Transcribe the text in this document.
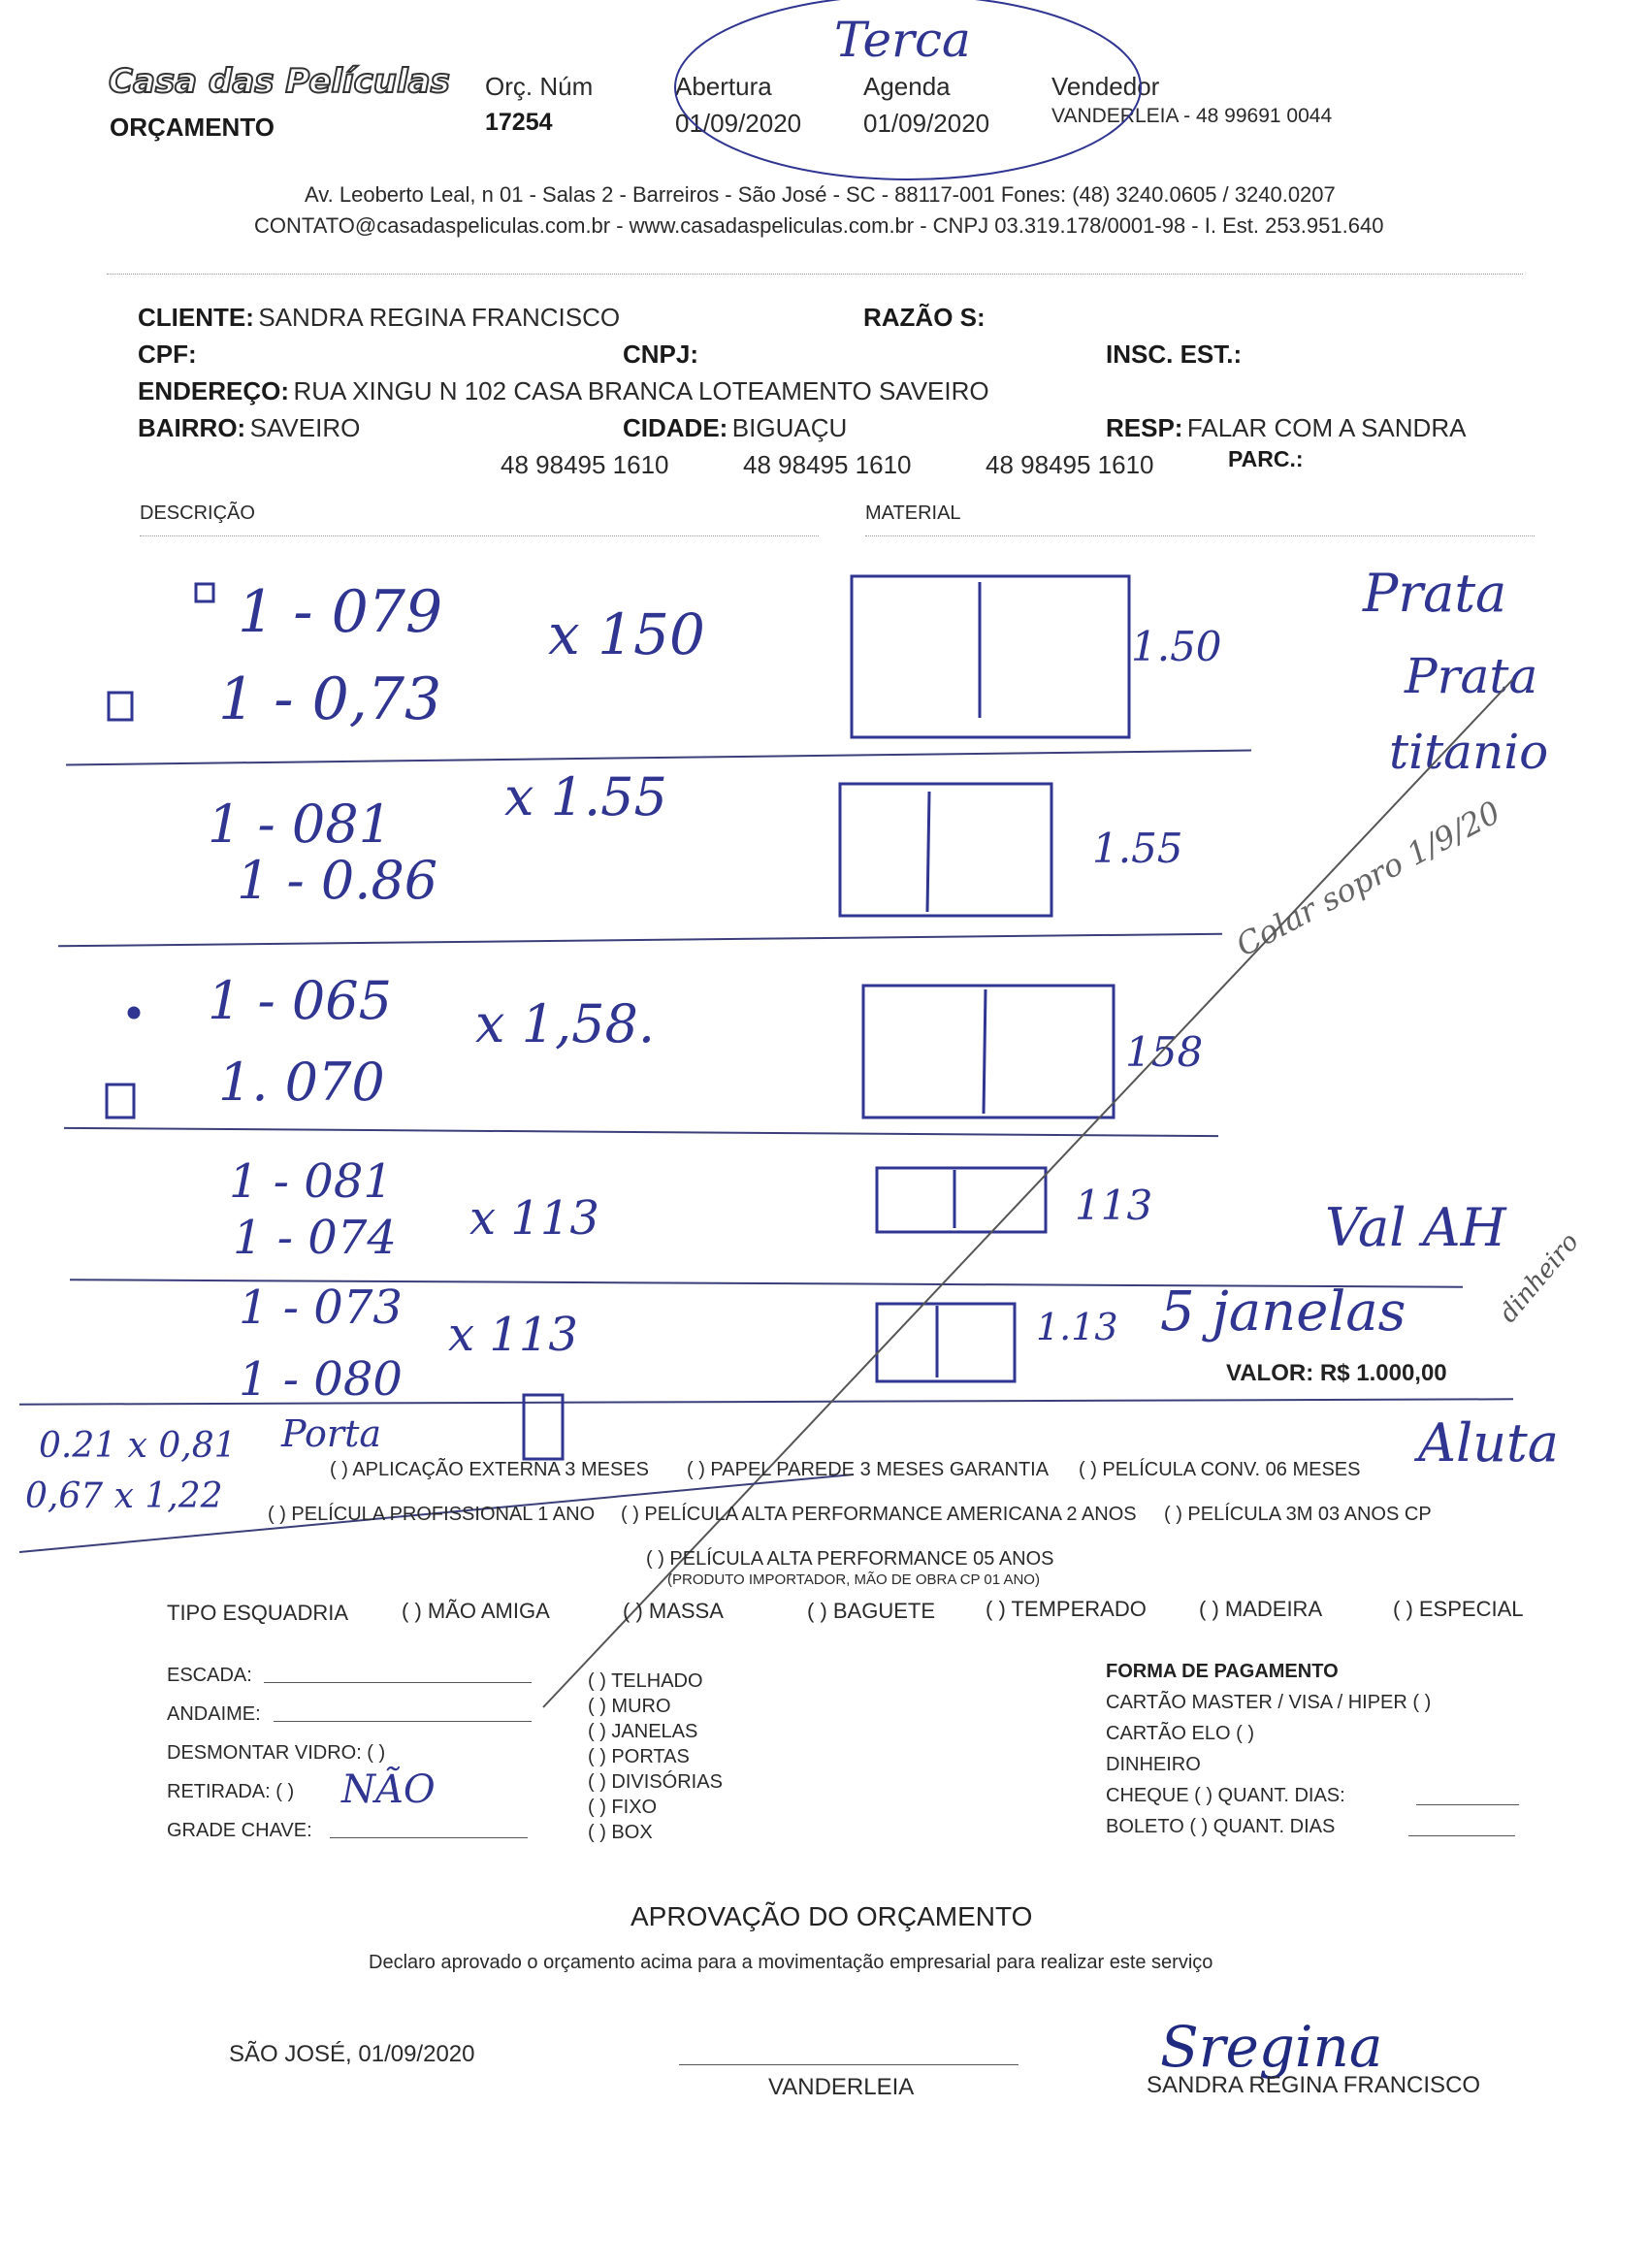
Casa das Películas
ORÇAMENTO
Orç. Núm
17254
Abertura
01/09/2020
Agenda
01/09/2020
Vendedor
VANDERLEIA - 48 99691 0044
Av. Leoberto Leal, n 01 - Salas 2 - Barreiros - São José - SC - 88117-001 Fones: (48) 3240.0605 / 3240.0207
CONTATO@casadaspeliculas.com.br - www.casadaspeliculas.com.br - CNPJ 03.319.178/0001-98 - I. Est. 253.951.640
CLIENTE: SANDRA REGINA FRANCISCO	RAZÃO S:
CPF:	CNPJ:	INSC. EST.:
ENDEREÇO: RUA XINGU N 102 CASA BRANCA LOTEAMENTO SAVEIRO
BAIRRO: SAVEIRO	CIDADE: BIGUAÇU	RESP: FALAR COM A SANDRA
48 98495 1610	48 98495 1610	48 98495 1610	PARC.:
DESCRIÇÃO	MATERIAL
Terca
1 - 079 x 150
1 - 0,73
1.50
1 - 081 x 1.55
1 - 0.86
1.55
1 - 065 x 1,58.
1. 070	158
1 - 081
x 113
1 - 074
113	Val AH
1 - 073 x 113
1 - 080
1.13 5 janelas
VALOR: R$ 1.000,00
Prata
Prata
titanio
Colar sopro 1/9/20
dinheiro
Aluta
0.21 x 0,81
0,67 x 1,22
Porta
( ) APLICAÇÃO EXTERNA 3 MESES ( ) PAPEL PAREDE 3 MESES GARANTIA ( ) PELÍCULA CONV. 06 MESES
( ) PELÍCULA PROFISSIONAL 1 ANO ( ) PELÍCULA ALTA PERFORMANCE AMERICANA 2 ANOS ( ) PELÍCULA 3M 03 ANOS CP
( ) PELÍCULA ALTA PERFORMANCE 05 ANOS
(PRODUTO IMPORTADOR, MÃO DE OBRA CP 01 ANO)
TIPO ESQUADRIA ( ) MÃO AMIGA	( ) MASSA	( ) BAGUETE ( ) TEMPERADO ( ) MADEIRA	( ) ESPECIAL
ESCADA:
ANDAIME:
DESMONTAR VIDRO: ( )
RETIRADA: ( ) NÃO
GRADE CHAVE:
( ) TELHADO
( ) MURO
( ) JANELAS
( ) PORTAS
( ) DIVISÓRIAS
( ) FIXO
( ) BOX
FORMA DE PAGAMENTO
CARTÃO MASTER / VISA / HIPER ( )
CARTÃO ELO ( )
DINHEIRO
CHEQUE ( ) QUANT. DIAS:
BOLETO ( ) QUANT. DIAS
APROVAÇÃO DO ORÇAMENTO
Declaro aprovado o orçamento acima para a movimentação empresarial para realizar este serviço
SÃO JOSÉ, 01/09/2020
VANDERLEIA
Sregina
SANDRA REGINA FRANCISCO
